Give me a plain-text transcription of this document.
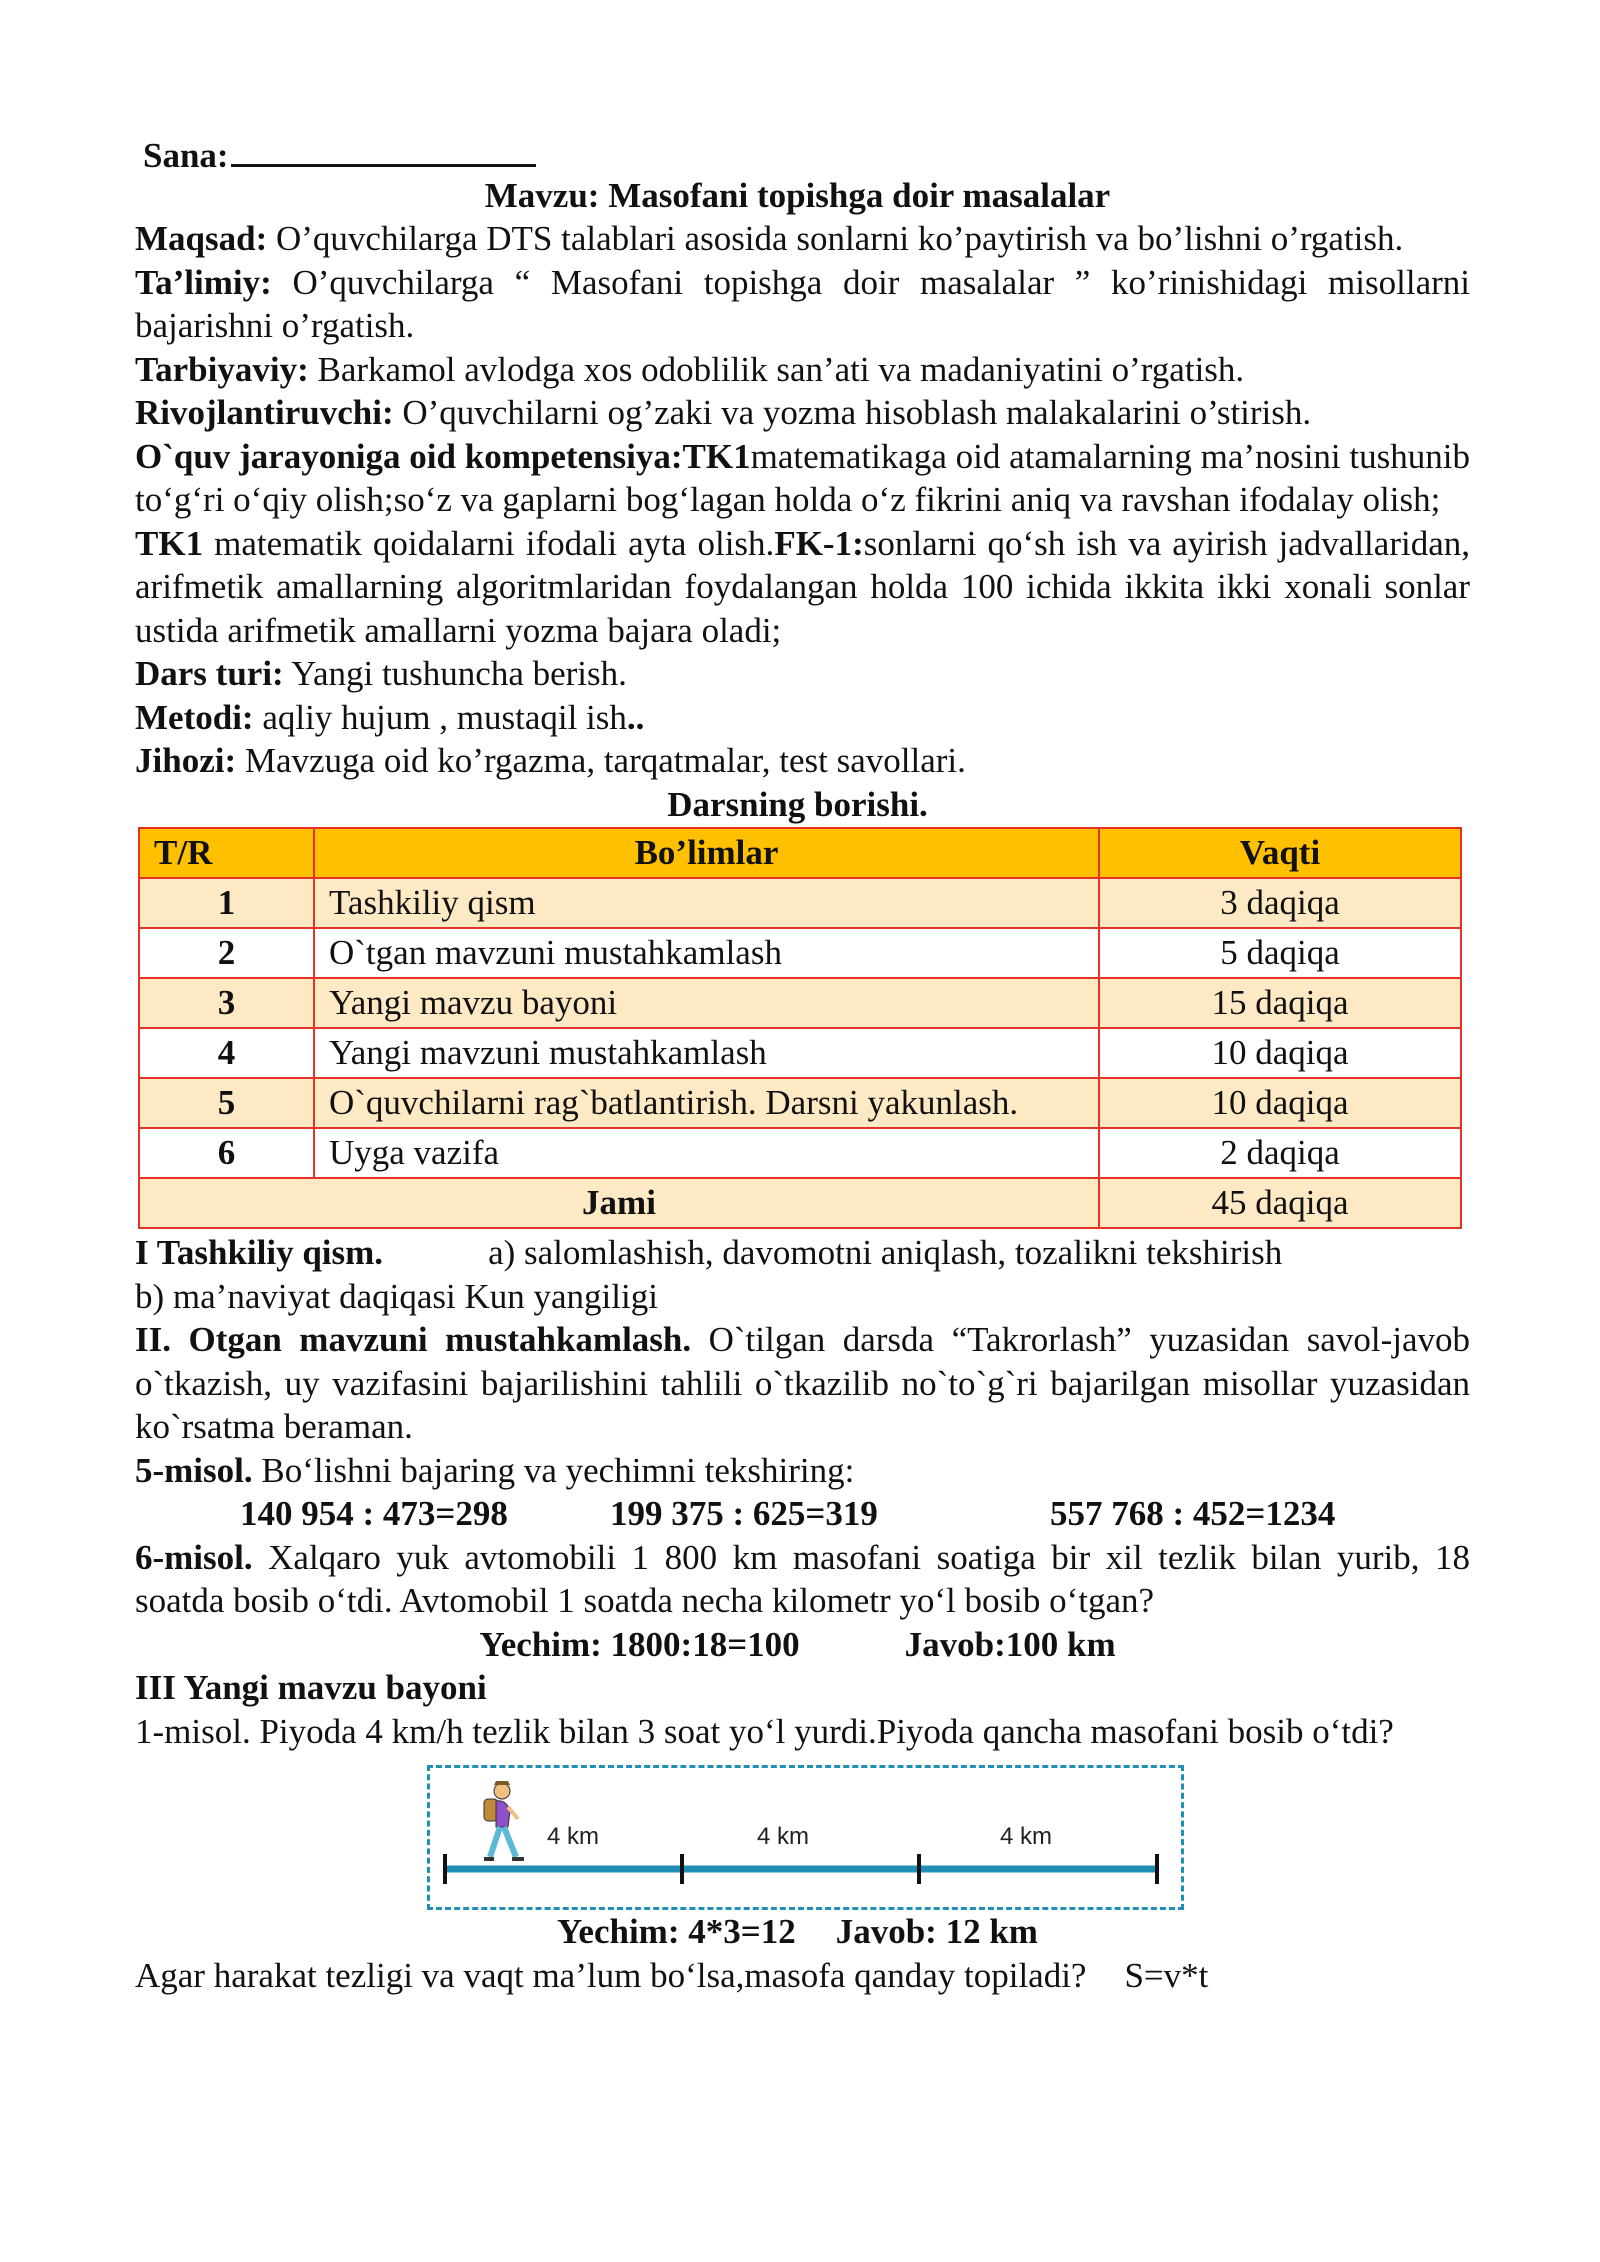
Sana:

Mavzu: Masofani topishga doir masalalar

Maqsad: O’quvchilarga DTS talablari asosida sonlarni ko’paytirish va bo’lishni o’rgatish.

Ta’limiy: O’quvchilarga “ Masofani topishga doir masalalar ” ko’rinishidagi misollarni bajarishni o’rgatish.

Tarbiyaviy: Barkamol avlodga xos odoblilik san’ati va madaniyatini o’rgatish.

Rivojlantiruvchi: O’quvchilarni og’zaki va yozma hisoblash malakalarini o’stirish.

O`quv jarayoniga oid kompetensiya:TK1matematikaga oid atamalarning ma’nosini tushunib to‘g‘ri o‘qiy olish;so‘z va gaplarni bog‘lagan holda o‘z fikrini aniq va ravshan ifodalay olish;

TK1 matematik qoidalarni ifodali ayta olish.FK-1:sonlarni qo‘sh ish va ayirish jadvallaridan, arifmetik amallarning algoritmlaridan foydalangan holda 100 ichida ikkita ikki xonali sonlar ustida arifmetik amallarni yozma bajara oladi;

Dars turi: Yangi tushuncha berish.

Metodi: aqliy hujum , mustaqil ish..

Jihozi: Mavzuga oid ko’rgazma, tarqatmalar, test savollari.

Darsning borishi.

T/R	Bo’limlar	Vaqti
1	Tashkiliy qism	3 daqiqa
2	O`tgan mavzuni mustahkamlash	5 daqiqa
3	Yangi mavzu bayoni	15 daqiqa
4	Yangi mavzuni mustahkamlash	10 daqiqa
5	O`quvchilarni rag`batlantirish. Darsni yakunlash.	10 daqiqa
6	Uyga vazifa	2 daqiqa
Jami		45 daqiqa

I Tashkiliy qism.	a) salomlashish, davomotni aniqlash, tozalikni tekshirish

b) ma’naviyat daqiqasi Kun yangiligi

II. Otgan mavzuni mustahkamlash. O`tilgan darsda “Takrorlash” yuzasidan savol-javob o`tkazish, uy vazifasini bajarilishini tahlili o`tkazilib no`to`g`ri bajarilgan misollar yuzasidan ko`rsatma beraman.

5-misol. Bo‘lishni bajaring va yechimni tekshiring:

140 954 : 473=298	199 375 : 625=319	557 768 : 452=1234

6-misol. Xalqaro yuk avtomobili 1 800 km masofani soatiga bir xil tezlik bilan yurib, 18 soatda bosib o‘tdi. Avtomobil 1 soatda necha kilometr yo‘l bosib o‘tgan?

Yechim: 1800:18=100	Javob:100 km

III Yangi mavzu bayoni

1-misol. Piyoda 4 km/h tezlik bilan 3 soat yo‘l yurdi.Piyoda qancha masofani bosib o‘tdi?

4 km	4 km	4 km

Yechim: 4*3=12 Javob: 12 km

Agar harakat tezligi va vaqt ma’lum bo‘lsa,masofa qanday topiladi? S=v*t
